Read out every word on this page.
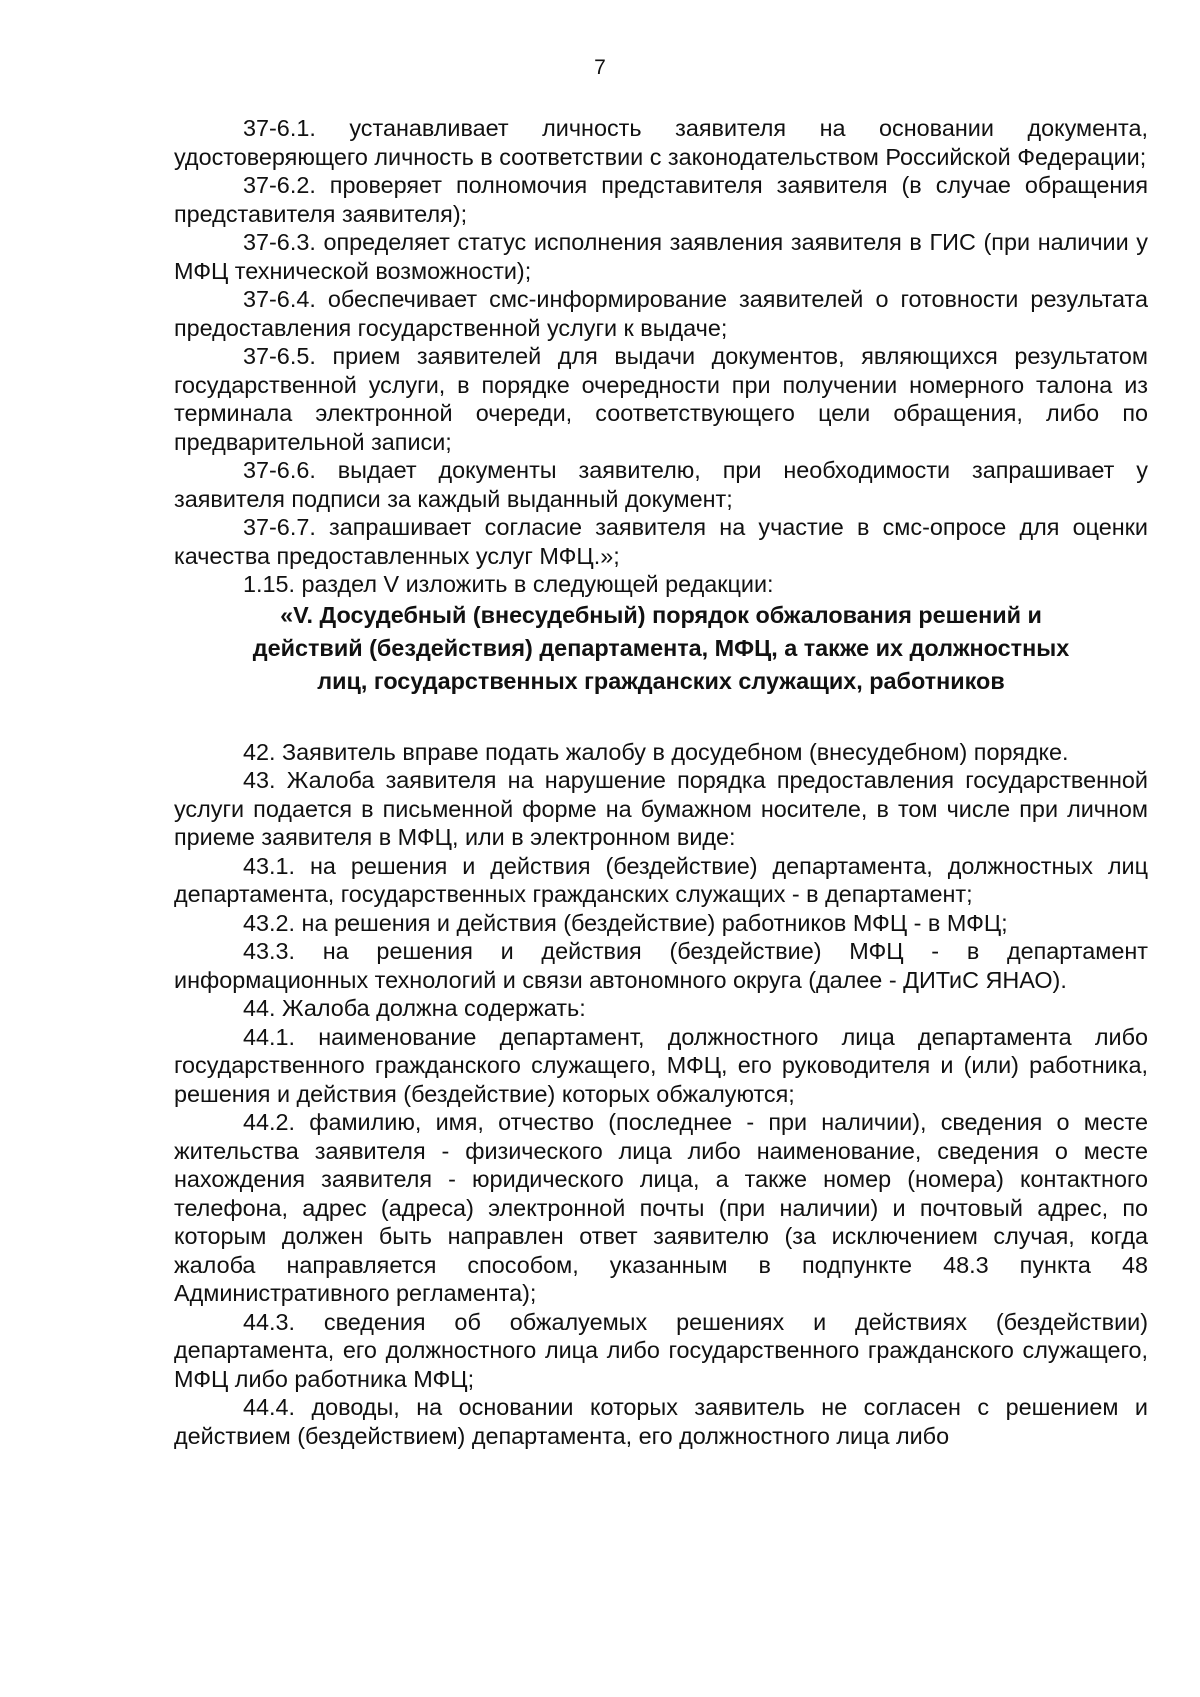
7

37-6.1. устанавливает личность заявителя на основании документа, удостоверяющего личность в соответствии с законодательством Российской Федерации;

37-6.2. проверяет полномочия представителя заявителя (в случае обращения представителя заявителя);

37-6.3. определяет статус исполнения заявления заявителя в ГИС (при наличии у МФЦ технической возможности);

37-6.4. обеспечивает смс-информирование заявителей о готовности результата предоставления государственной услуги к выдаче;

37-6.5. прием заявителей для выдачи документов, являющихся результатом государственной услуги, в порядке очередности при получении номерного талона из терминала электронной очереди, соответствующего цели обращения, либо по предварительной записи;

37-6.6. выдает документы заявителю, при необходимости запрашивает у заявителя подписи за каждый выданный документ;

37-6.7. запрашивает согласие заявителя на участие в смс-опросе для оценки качества предоставленных услуг МФЦ.»;

1.15. раздел V изложить в следующей редакции:

«V. Досудебный (внесудебный) порядок обжалования решений и

действий (бездействия) департамента, МФЦ, а также их должностных

лиц, государственных гражданских служащих, работников

42. Заявитель вправе подать жалобу в досудебном (внесудебном) порядке.

43. Жалоба заявителя на нарушение порядка предоставления государственной услуги подается в письменной форме на бумажном носителе, в том числе при личном приеме заявителя в МФЦ, или в электронном виде:

43.1. на решения и действия (бездействие) департамента, должностных лиц департамента, государственных гражданских служащих - в департамент;

43.2. на решения и действия (бездействие) работников МФЦ - в МФЦ;

43.3. на решения и действия (бездействие) МФЦ - в департамент информационных технологий и связи автономного округа (далее - ДИТиС ЯНАО).

44. Жалоба должна содержать:

44.1. наименование департамент, должностного лица департамента либо государственного гражданского служащего, МФЦ, его руководителя и (или) работника, решения и действия (бездействие) которых обжалуются;

44.2. фамилию, имя, отчество (последнее - при наличии), сведения о месте жительства заявителя - физического лица либо наименование, сведения о месте нахождения заявителя - юридического лица, а также номер (номера) контактного телефона, адрес (адреса) электронной почты (при наличии) и почтовый адрес, по которым должен быть направлен ответ заявителю (за исключением случая, когда жалоба направляется способом, указанным в подпункте 48.3 пункта 48 Административного регламента);

44.3. сведения об обжалуемых решениях и действиях (бездействии) департамента, его должностного лица либо государственного гражданского служащего, МФЦ либо работника МФЦ;

44.4. доводы, на основании которых заявитель не согласен с решением и действием (бездействием) департамента, его должностного лица либо
